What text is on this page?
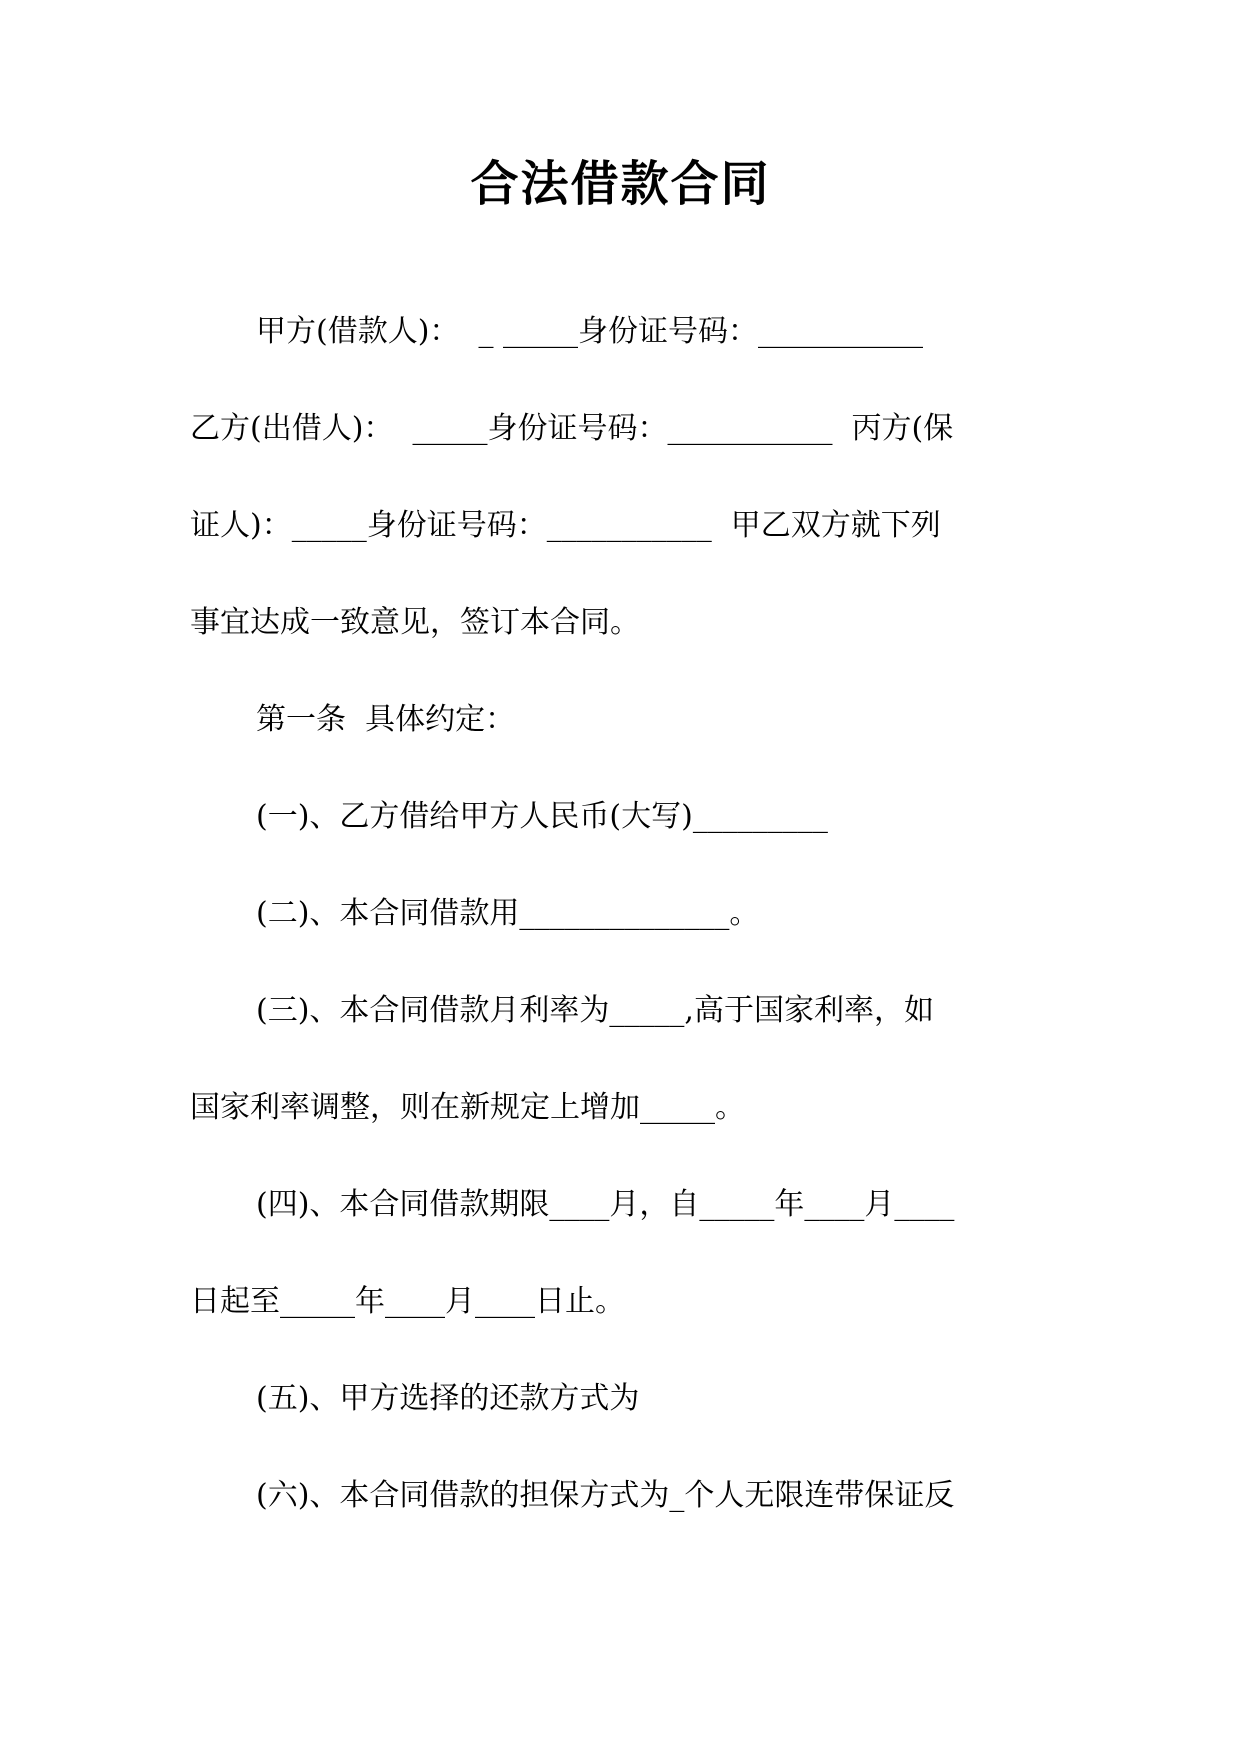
合法借款合同
甲方(借款人)：  _ _____身份证号码：___________
乙方(出借人)：  _____身份证号码：___________  丙方(保
证人)：_____身份证号码：___________  甲乙双方就下列
事宜达成一致意见，签订本合同。
第一条  具体约定：
(一)、乙方借给甲方人民币(大写)_________
(二)、本合同借款用______________。
(三)、本合同借款月利率为_____,高于国家利率，如
国家利率调整，则在新规定上增加_____。
(四)、本合同借款期限____月，自_____年____月____
日起至_____年____月____日止。
(五)、甲方选择的还款方式为
(六)、本合同借款的担保方式为_个人无限连带保证反
